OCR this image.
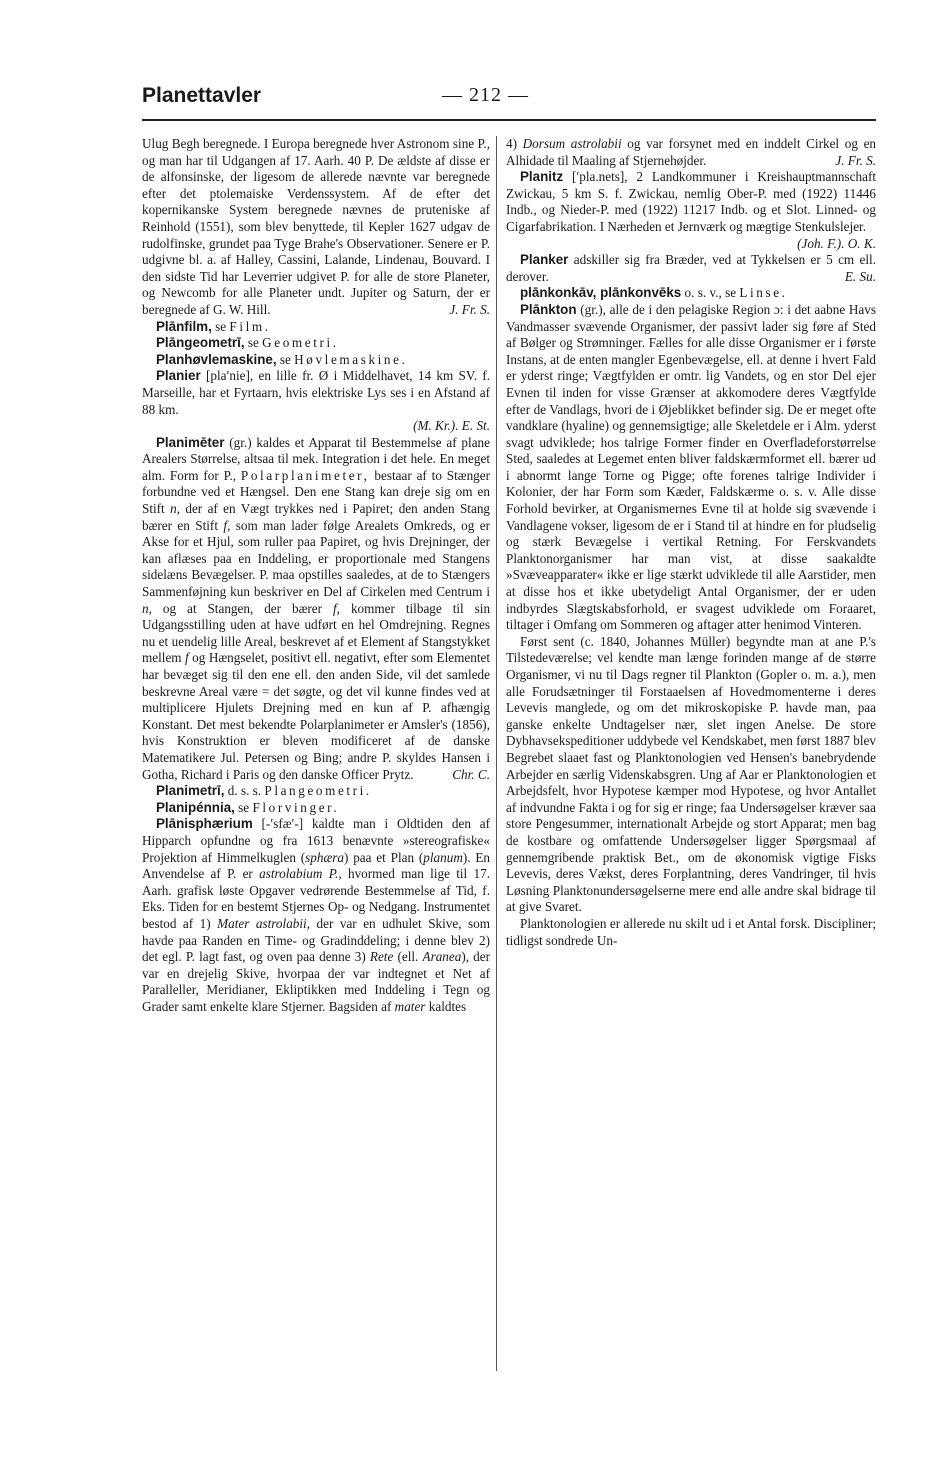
Planettavler	— 212 —

Ulug Begh beregnede. I Europa beregnede hver Astronom sine P., og man har til Udgangen af 17. Aarh. 40 P. De ældste af disse er de alfonsinske, der ligesom de allerede nævnte var beregnede efter det ptolemaiske Verdenssystem. Af de efter det kopernikanske System beregnede nævnes de pruteniske af Reinhold (1551), som blev benyttede, til Kepler 1627 udgav de rudolfinske, grundet paa Tyge Brahe's Observationer. Senere er P. udgivne bl. a. af Halley, Cassini, Lalande, Lindenau, Bouvard. I den sidste Tid har Leverrier udgivet P. for alle de store Planeter, og Newcomb for alle Planeter undt. Jupiter og Saturn, der er beregnede af G. W. Hill.	J. Fr. S.

Plānfilm, se Film.

Plāngeometrī, se Geometri.

Planhøvlemaskine, se Høvlemaskine.

Planier [pla′nie], en lille fr. Ø i Middelhavet, 14 km SV. f. Marseille, har et Fyrtaarn, hvis elektriske Lys ses i en Afstand af 88 km.

(M. Kr.). E. St.

Planimēter (gr.) kaldes et Apparat til Bestemmelse af plane Arealers Størrelse, altsaa til mek. Integration i det hele. En meget alm. Form for P., Polarplanimeter, bestaar af to Stænger forbundne ved et Hængsel. Den ene Stang kan dreje sig om en Stift n, der af en Vægt trykkes ned i Papiret; den anden Stang bærer en Stift f, som man lader følge Arealets Omkreds, og er Akse for et Hjul, som ruller paa Papiret, og hvis Drejninger, der kan aflæses paa en Inddeling, er proportionale med Stangens sidelæns Bevægelser. P. maa opstilles saaledes, at de to Stængers Sammenføjning kun beskriver en Del af Cirkelen med Centrum i n, og at Stangen, der bærer f, kommer tilbage til sin Udgangsstilling uden at have udført en hel Omdrejning. Regnes nu et uendelig lille Areal, beskrevet af et Element af Stangstykket mellem f og Hængselet, positivt ell. negativt, efter som Elementet har bevæget sig til den ene ell. den anden Side, vil det samlede beskrevne Areal være = det søgte, og det vil kunne findes ved at multiplicere Hjulets Drejning med en kun af P. afhængig Konstant. Det mest bekendte Polarplanimeter er Amsler's (1856), hvis Konstruktion er bleven modificeret af de danske Matematikere Jul. Petersen og Bing; andre P. skyldes Hansen i Gotha, Richard i Paris og den danske Officer Prytz.	Chr. C.

Planimetrī, d. s. s. Plangeometri.

Planipénnia, se Florvinger.

Plānisphærium [-′sfæ′-] kaldte man i Oldtiden den af Hipparch opfundne og fra 1613 benævnte »stereografiske« Projektion af Himmelkuglen (sphæra) paa et Plan (planum). En Anvendelse af P. er astrolabium P., hvormed man lige til 17. Aarh. grafisk løste Opgaver vedrørende Bestemmelse af Tid, f. Eks. Tiden for en bestemt Stjernes Op- og Nedgang. Instrumentet bestod af 1) Mater astrolabii, der var en udhulet Skive, som havde paa Randen en Time- og Gradinddeling; i denne blev 2) det egl. P. lagt fast, og oven paa denne 3) Rete (ell. Aranea), der var en drejelig Skive, hvorpaa der var indtegnet et Net af Paralleller, Meridianer, Ekliptikken med Inddeling i Tegn og Grader samt enkelte klare Stjerner. Bagsiden af mater kaldtes

4) Dorsum astrolabii og var forsynet med en inddelt Cirkel og en Alhidade til Maaling af Stjernehøjder.	J. Fr. S.

Planitz [′pla.nets], 2 Landkommuner i Kreishauptmannschaft Zwickau, 5 km S. f. Zwickau, nemlig Ober-P. med (1922) 11446 Indb., og Nieder-P. med (1922) 11217 Indb. og et Slot. Linned- og Cigarfabrikation. I Nærheden et Jernværk og mægtige Stenkulslejer.
(Joh. F.). O. K.

Planker adskiller sig fra Bræder, ved at Tykkelsen er 5 cm ell. derover.	E. Su.

plānkonkāv, plānkonvēks o. s. v., se Linse.

Plānkton (gr.), alle de i den pelagiske Region ɔ: i det aabne Havs Vandmasser svævende Organismer, der passivt lader sig føre af Sted af Bølger og Strømninger. Fælles for alle disse Organismer er i første Instans, at de enten mangler Egenbevægelse, ell. at denne i hvert Fald er yderst ringe; Vægtfylden er omtr. lig Vandets, og en stor Del ejer Evnen til inden for visse Grænser at akkomodere deres Vægtfylde efter de Vandlags, hvori de i Øjeblikket befinder sig. De er meget ofte vandklare (hyaline) og gennemsigtige; alle Skeletdele er i Alm. yderst svagt udviklede; hos talrige Former finder en Overfladeforstørrelse Sted, saaledes at Legemet enten bliver faldskærmformet ell. bærer ud i abnormt lange Torne og Pigge; ofte forenes talrige Individer i Kolonier, der har Form som Kæder, Faldskærme o. s. v. Alle disse Forhold bevirker, at Organismernes Evne til at holde sig svævende i Vandlagene vokser, ligesom de er i Stand til at hindre en for pludselig og stærk Bevægelse i vertikal Retning. For Ferskvandets Planktonorganismer har man vist, at disse saakaldte »Svæveapparater« ikke er lige stærkt udviklede til alle Aarstider, men at disse hos et ikke ubetydeligt Antal Organismer, der er uden indbyrdes Slægtskabsforhold, er svagest udviklede om Foraaret, tiltager i Omfang om Sommeren og aftager atter henimod Vinteren.

Først sent (c. 1840, Johannes Müller) begyndte man at ane P.'s Tilstedeværelse; vel kendte man længe forinden mange af de større Organismer, vi nu til Dags regner til Plankton (Gopler o. m. a.), men alle Forudsætninger til Forstaaelsen af Hovedmomenterne i deres Levevis manglede, og om det mikroskopiske P. havde man, paa ganske enkelte Undtagelser nær, slet ingen Anelse. De store Dybhavsekspeditioner uddybede vel Kendskabet, men først 1887 blev Begrebet slaaet fast og Planktonologien ved Hensen's banebrydende Arbejder en særlig Videnskabsgren. Ung af Aar er Planktonologien et Arbejdsfelt, hvor Hypotese kæmper mod Hypotese, og hvor Antallet af indvundne Fakta i og for sig er ringe; faa Undersøgelser kræver saa store Pengesummer, internationalt Arbejde og stort Apparat; men bag de kostbare og omfattende Undersøgelser ligger Spørgsmaal af gennemgribende praktisk Bet., om de økonomisk vigtige Fisks Levevis, deres Vækst, deres Forplantning, deres Vandringer, til hvis Løsning Planktonundersøgelserne mere end alle andre skal bidrage til at give Svaret.

Planktonologien er allerede nu skilt ud i et Antal forsk. Discipliner; tidligst sondrede Un-
